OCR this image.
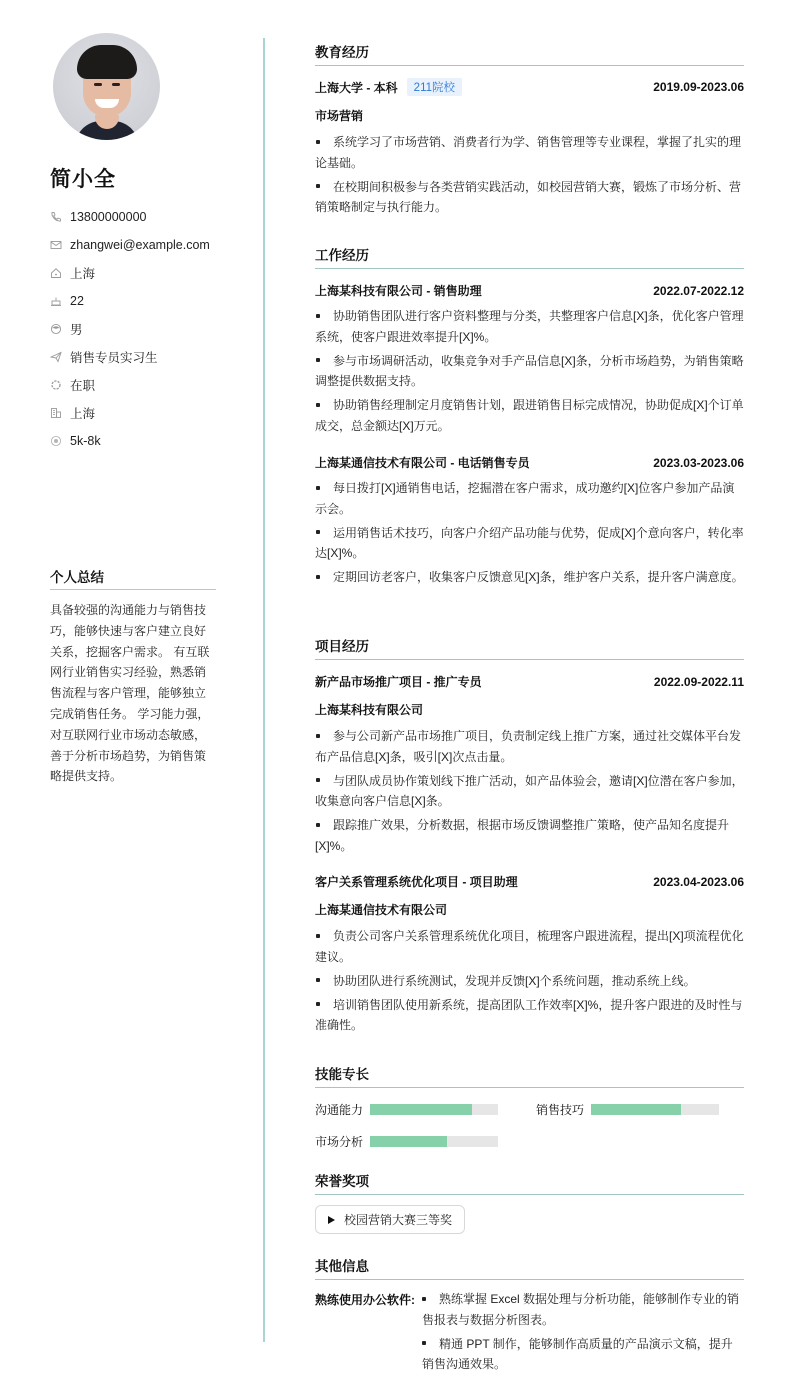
简小全
13800000000
zhangwei@example.com
上海
22
男
销售专员实习生
在职
上海
5k-8k
个人总结

具备较强的沟通能力与销售技巧，能够快速与客户建立良好关系，挖掘客户需求。 有互联网行业销售实习经验，熟悉销售流程与客户管理，能够独立完成销售任务。 学习能力强，对互联网行业市场动态敏感，善于分析市场趋势，为销售策略提供支持。

教育经历
上海大学 - 本科	211院校	2019.09-2023.06
市场营销
系统学习了市场营销、消费者行为学、销售管理等专业课程，掌握了扎实的理论基础。
在校期间积极参与各类营销实践活动，如校园营销大赛，锻炼了市场分析、营销策略制定与执行能力。
工作经历
上海某科技有限公司 - 销售助理	2022.07-2022.12
协助销售团队进行客户资料整理与分类，共整理客户信息[X]条，优化客户管理系统，使客户跟进效率提升[X]%。
参与市场调研活动，收集竞争对手产品信息[X]条，分析市场趋势，为销售策略调整提供数据支持。
协助销售经理制定月度销售计划，跟进销售目标完成情况，协助促成[X]个订单成交，总金额达[X]万元。
上海某通信技术有限公司 - 电话销售专员	2023.03-2023.06
每日拨打[X]通销售电话，挖掘潜在客户需求，成功邀约[X]位客户参加产品演示会。
运用销售话术技巧，向客户介绍产品功能与优势，促成[X]个意向客户，转化率达[X]%。
定期回访老客户，收集客户反馈意见[X]条，维护客户关系，提升客户满意度。
项目经历
新产品市场推广项目 - 推广专员	2022.09-2022.11
上海某科技有限公司
参与公司新产品市场推广项目，负责制定线上推广方案，通过社交媒体平台发布产品信息[X]条，吸引[X]次点击量。
与团队成员协作策划线下推广活动，如产品体验会，邀请[X]位潜在客户参加，收集意向客户信息[X]条。
跟踪推广效果，分析数据，根据市场反馈调整推广策略，使产品知名度提升[X]%。
客户关系管理系统优化项目 - 项目助理	2023.04-2023.06
上海某通信技术有限公司
负责公司客户关系管理系统优化项目，梳理客户跟进流程，提出[X]项流程优化建议。
协助团队进行系统测试，发现并反馈[X]个系统问题，推动系统上线。
培训销售团队使用新系统，提高团队工作效率[X]%，提升客户跟进的及时性与准确性。
技能专长
沟通能力	销售技巧
市场分析
荣誉奖项
校园营销大赛三等奖
其他信息
熟练使用办公软件:	熟练掌握 Excel 数据处理与分析功能，能够制作专业的销售报表与数据分析图表。
精通 PPT 制作，能够制作高质量的产品演示文稿，提升销售沟通效果。
